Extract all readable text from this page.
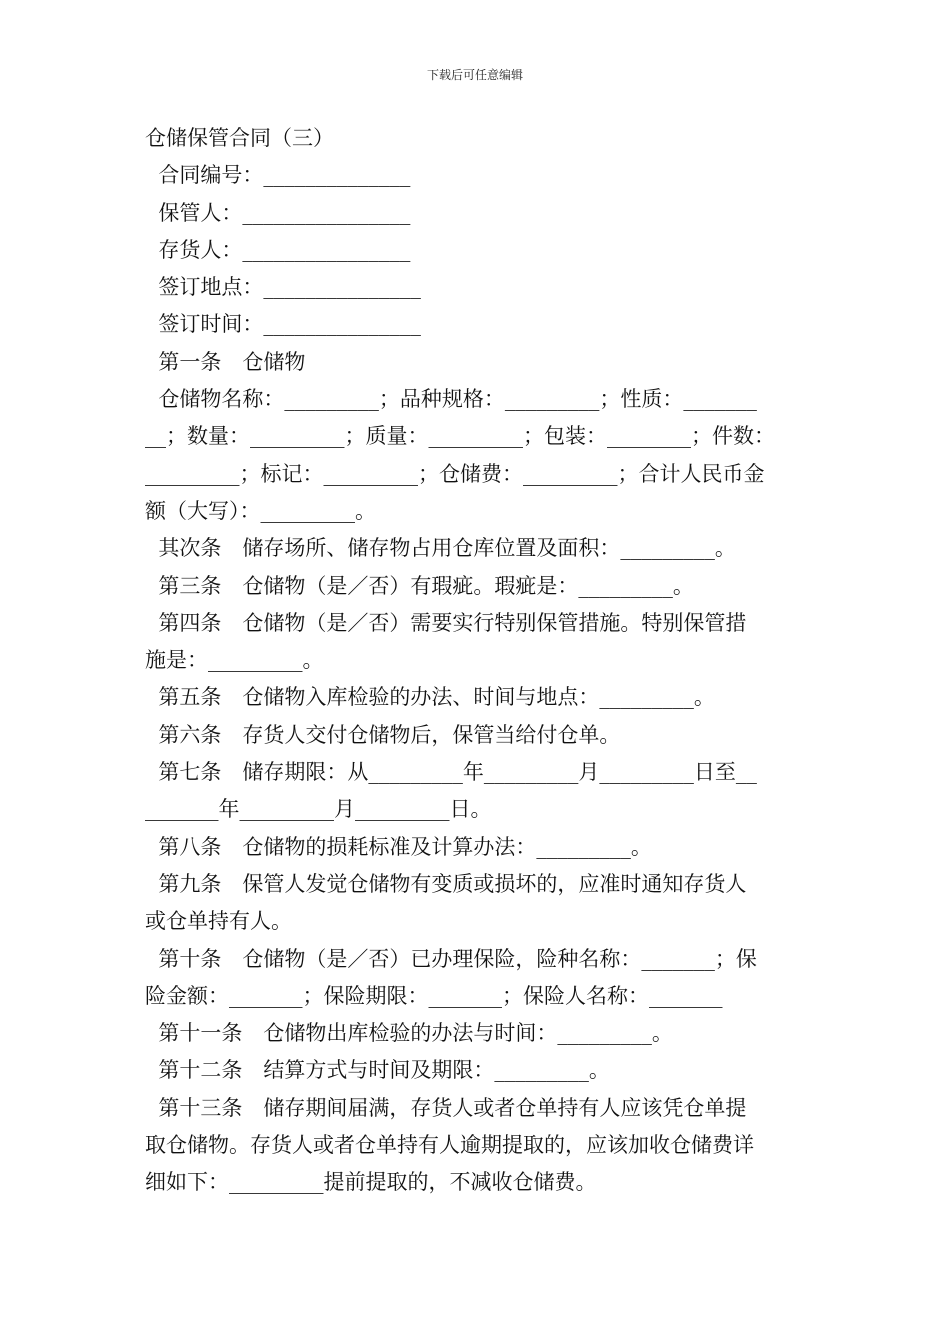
下载后可任意编辑
仓储保管合同（三）
合同编号：______________
保管人：________________
存货人：________________
签订地点：_______________
签订时间：_______________
第一条　仓储物
仓储物名称：_________；品种规格：_________；性质：_______
__；数量：_________；质量：_________；包装：________；件数：
_________；标记：_________；仓储费：_________；合计人民币金
额（大写）：_________。
其次条　储存场所、储存物占用仓库位置及面积：_________。
第三条　仓储物（是／否）有瑕疵。瑕疵是：_________。
第四条　仓储物（是／否）需要实行特别保管措施。特别保管措
施是：_________。
第五条　仓储物入库检验的办法、时间与地点：_________。
第六条　存货人交付仓储物后，保管当给付仓单。
第七条　储存期限：从_________年_________月_________日至__
_______年_________月_________日。
第八条　仓储物的损耗标准及计算办法：_________。
第九条　保管人发觉仓储物有变质或损坏的，应准时通知存货人
或仓单持有人。
第十条　仓储物（是／否）已办理保险，险种名称：_______；保
险金额：_______；保险期限：_______；保险人名称：_______
第十一条　仓储物出库检验的办法与时间：_________。
第十二条　结算方式与时间及期限：_________。
第十三条　储存期间届满，存货人或者仓单持有人应该凭仓单提
取仓储物。存货人或者仓单持有人逾期提取的，应该加收仓储费详
细如下：_________提前提取的，不减收仓储费。
